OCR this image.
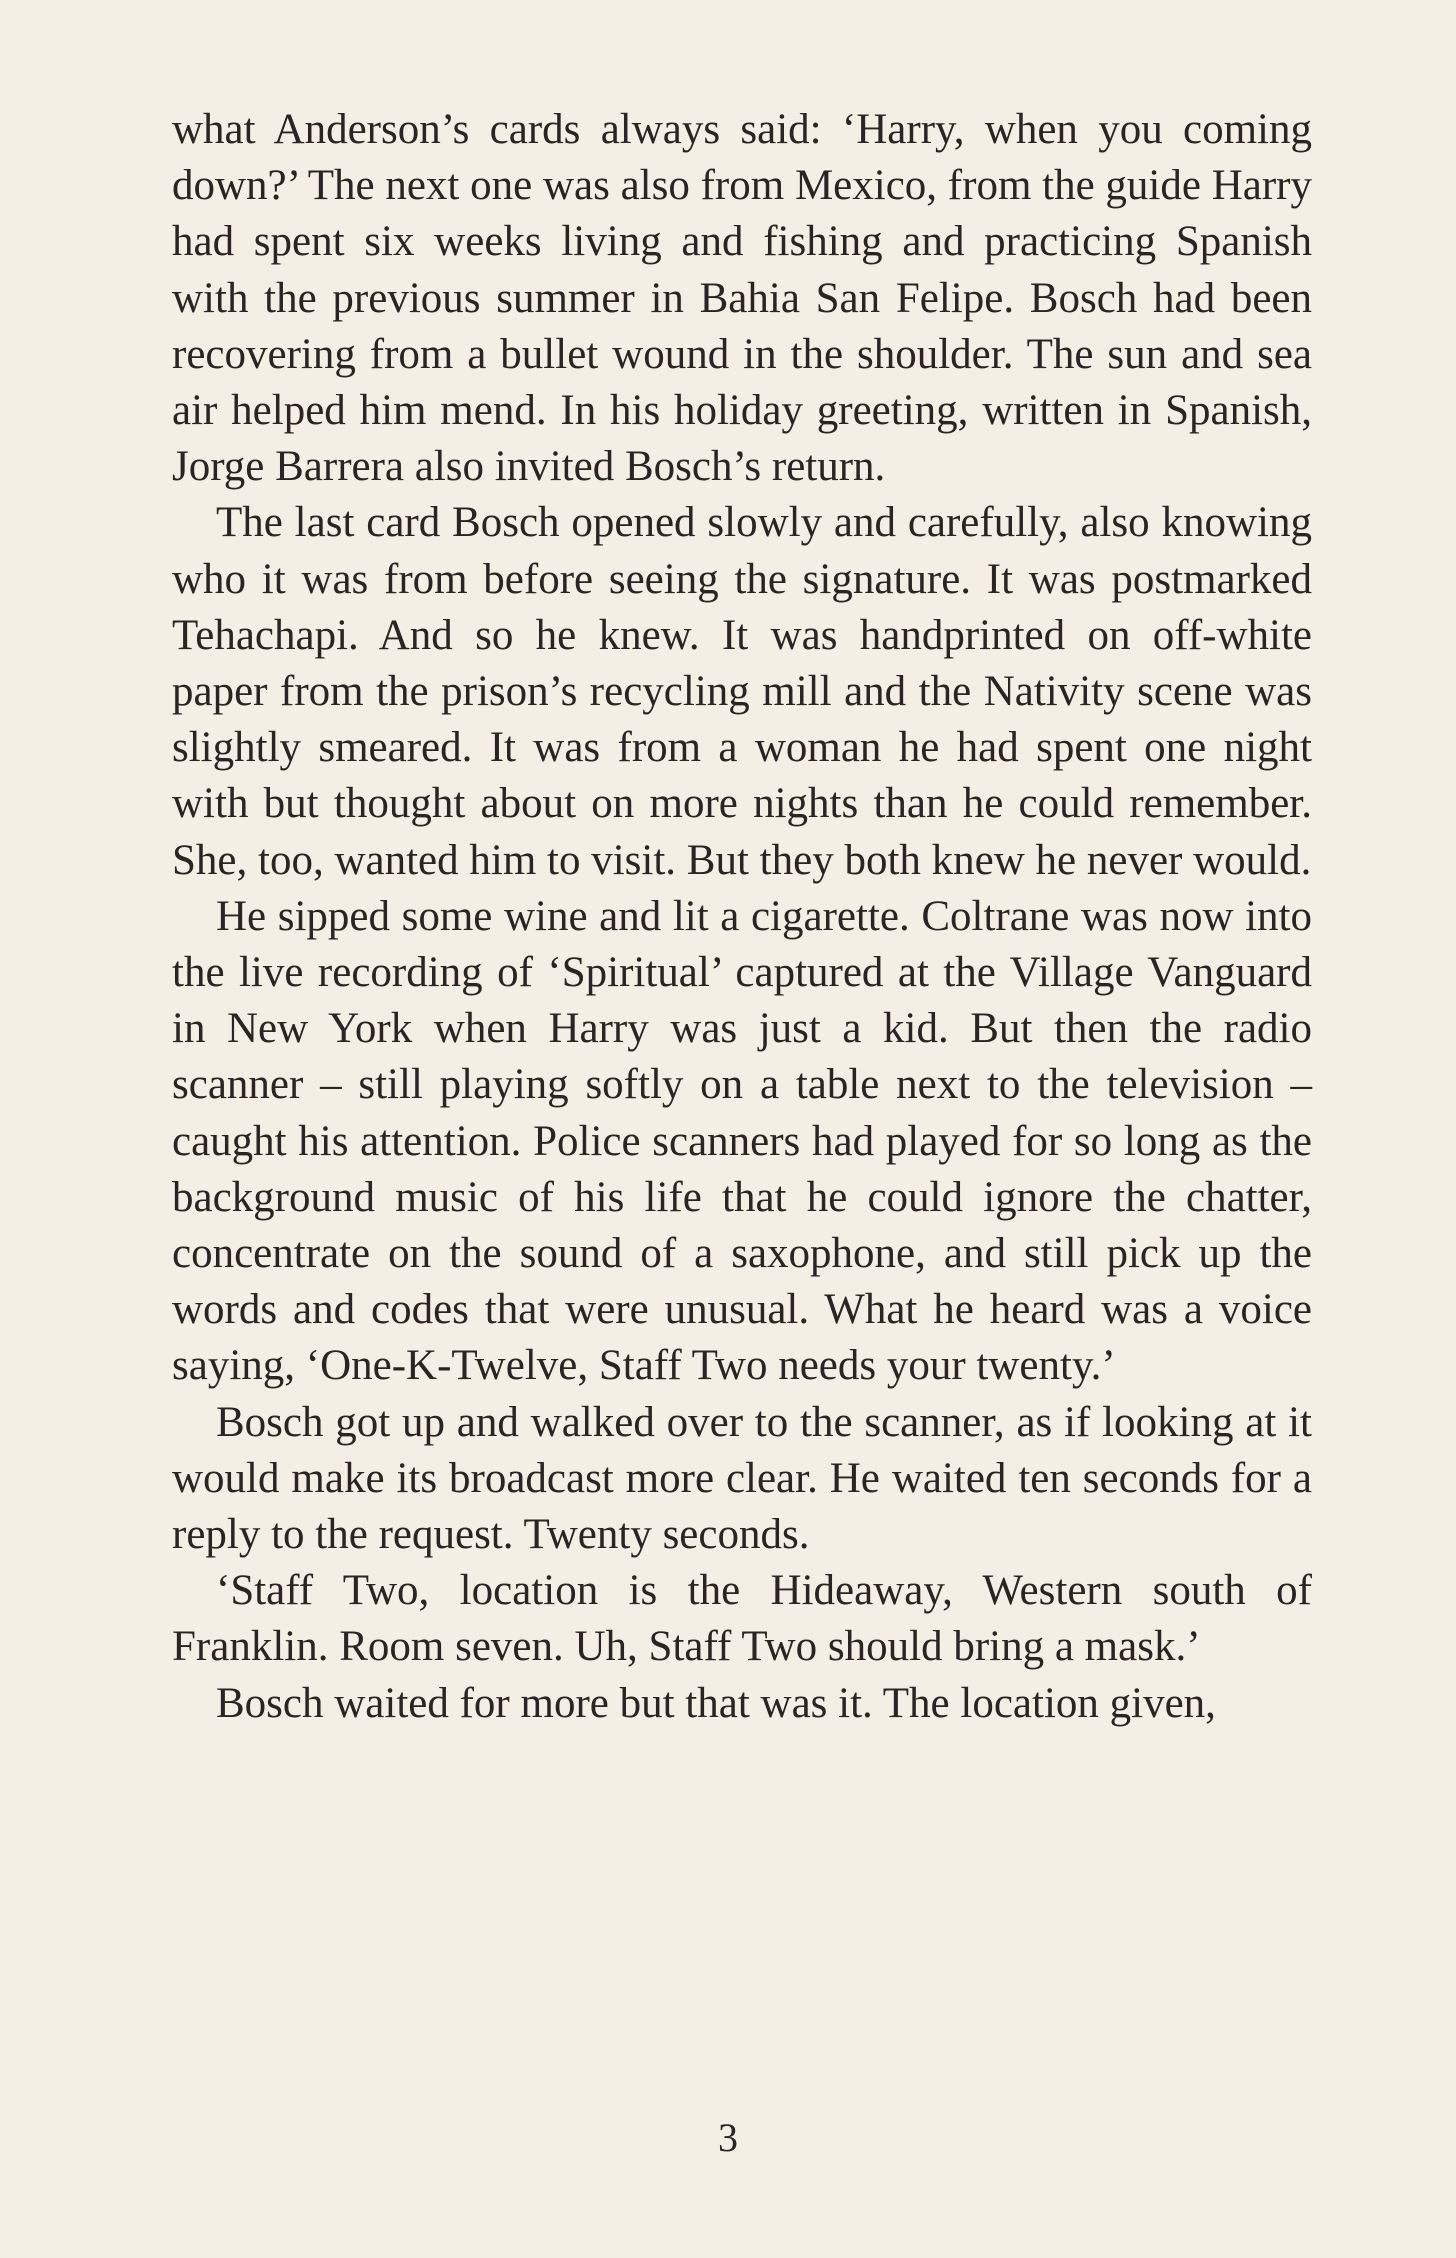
what Anderson’s cards always said: ‘Harry, when you coming down?’ The next one was also from Mexico, from the guide Harry had spent six weeks living and fishing and practicing Spanish with the previous summer in Bahia San Felipe. Bosch had been recovering from a bullet wound in the shoulder. The sun and sea air helped him mend. In his holiday greeting, written in Spanish, Jorge Barrera also invited Bosch’s return.

The last card Bosch opened slowly and carefully, also knowing who it was from before seeing the signature. It was postmarked Tehachapi. And so he knew. It was handprinted on off-white paper from the prison’s recycling mill and the Nativity scene was slightly smeared. It was from a woman he had spent one night with but thought about on more nights than he could remember. She, too, wanted him to visit. But they both knew he never would.

He sipped some wine and lit a cigarette. Coltrane was now into the live recording of ‘Spiritual’ captured at the Village Vanguard in New York when Harry was just a kid. But then the radio scanner – still playing softly on a table next to the television – caught his attention. Police scanners had played for so long as the background music of his life that he could ignore the chatter, concentrate on the sound of a saxophone, and still pick up the words and codes that were unusual. What he heard was a voice saying, ‘One-K-Twelve, Staff Two needs your twenty.’

Bosch got up and walked over to the scanner, as if looking at it would make its broadcast more clear. He waited ten seconds for a reply to the request. Twenty seconds.

‘Staff Two, location is the Hideaway, Western south of Franklin. Room seven. Uh, Staff Two should bring a mask.’

Bosch waited for more but that was it. The location given,

3
